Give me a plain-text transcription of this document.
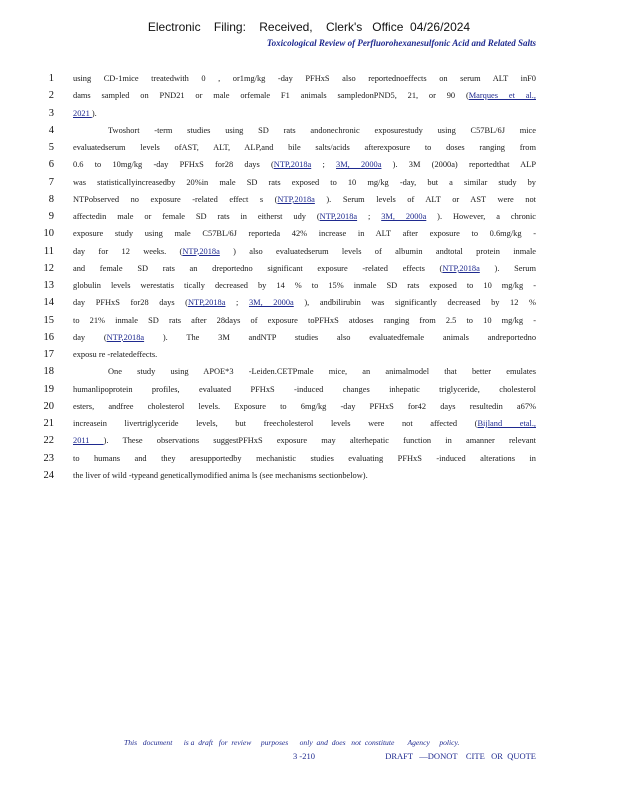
Electronic    Filing:    Received,    Clerk's   Office  04/26/2024
Toxicological Review of Perfluorohexanesulfonic Acid and Related Salts
1 using CD-1mice treatedwith 0 , or1mg/kg -day PFHxS also reportednoeffects on serum ALT inF0
2 dams sampled on PND21 or male orfemale F1 animals sampledonPND5, 21, or 90 (Marques et al.,
3 2021 ).
4	Twoshort -term studies using SD rats andonechronic exposurestudy using C57BL/6J mice
5 evaluatedserum levels ofAST, ALT, ALP,and bile salts/acids afterexposure to doses ranging from
6 0.6 to 10mg/kg -day PFHxS for28 days (NTP,2018a ; 3M, 2000a ). 3M (2000a) reportedthat ALP
7 was statisticallyincreasedby 20%in male SD rats exposed to 10 mg/kg -day, but a similar study by
8 NTPobserved no exposure -related effect s (NTP,2018a ). Serum levels of ALT or AST were not
9 affectedin male or female SD rats in eitherst udy (NTP,2018a ; 3M, 2000a ). However, a chronic
10 exposure study using male C57BL/6J reporteda 42% increase in ALT after exposure to 0.6mg/kg -
11 day for 12 weeks. (NTP,2018a ) also evaluatedserum levels of albumin andtotal protein inmale
12 and female SD rats an dreportedno significant exposure -related effects (NTP,2018a ). Serum
13 globulin levels werestatis tically decreased by 14 % to 15% inmale SD rats exposed to 10 mg/kg -
14 day PFHxS for28 days (NTP,2018a ; 3M, 2000a ), andbilirubin was significantly decreased by 12 %
15 to 21% inmale SD rats after 28days of exposure toPFHxS atdoses ranging from 2.5 to 10 mg/kg -
16 day (NTP,2018a ). The 3M andNTP studies also evaluatedfemale animals andreportedno
17 exposu re -relatedeffects.
18	One study using APOE*3 -Leiden.CETPmale mice, an animalmodel that better emulates
19 humanlipoprotein profiles, evaluated PFHxS -induced changes inhepatic triglyceride, cholesterol
20 esters, andfree cholesterol levels. Exposure to 6mg/kg -day PFHxS for42 days resultedin a67%
21 increasein livertriglyceride levels, but freecholesterol levels were not affected (Bijland etal.,
22 2011 ). These observations suggestPFHxS exposure may alterhepatic function in amanner relevant
23 to humans and they aresupportedby mechanistic studies evaluating PFHxS -induced alterations in
24 the liver of wild -typeand geneticallymodified anima ls (see mechanisms sectionbelow).
This   document      is a  draft   for  review     purposes      only  and  does   not  constitute       Agency     policy.
3 -210	DRAFT   —DONOT    CITE   OR  QUOTE
